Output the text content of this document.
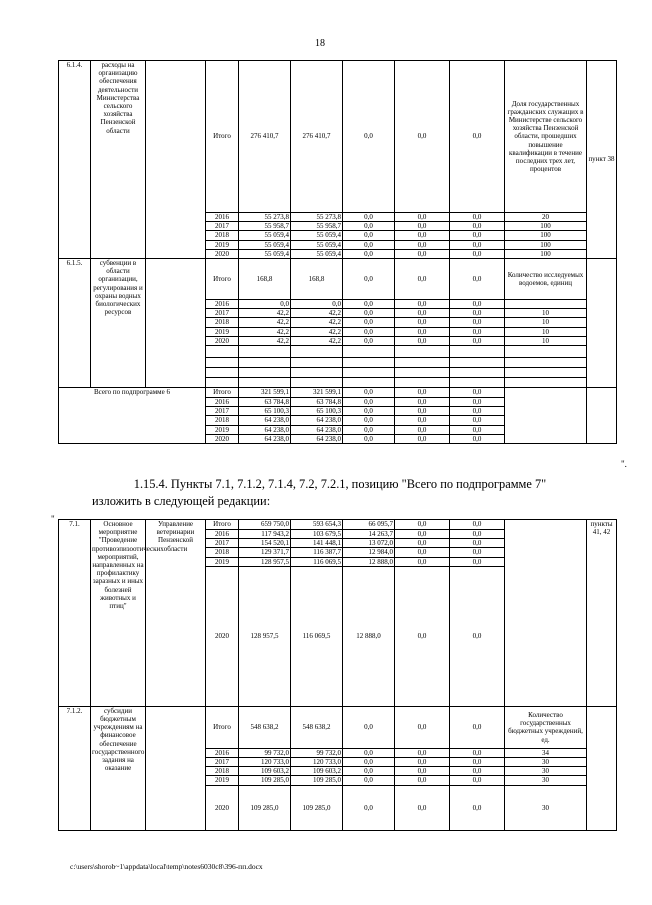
18
6.1.4.	расходы на организацию обеспечения деятельности Министерства сельского хозяйства Пензенской области		Итого	276 410,7	276 410,7	0,0	0,0	0,0	Доля государственных гражданских служащих в Министерстве сельского хозяйства Пензенской области, прошедших повышение квалификации в течение последних трех лет, процентов	пункт 38
			2016	55 273,8	55 273,8	0,0	0,0	0,0	20	
			2017	55 958,7	55 958,7	0,0	0,0	0,0	100	
			2018	55 059,4	55 059,4	0,0	0,0	0,0	100	
			2019	55 059,4	55 059,4	0,0	0,0	0,0	100	
			2020	55 059,4	55 059,4	0,0	0,0	0,0	100	
6.1.5.	субвенции в области организации, регулирования и охраны водных биологических ресурсов		Итого	168,8	168,8	0,0	0,0	0,0	Количество исследуемых водоемов, единиц	
			2016	0,0	0,0	0,0	0,0	0,0		
			2017	42,2	42,2	0,0	0,0	0,0	10	
			2018	42,2	42,2	0,0	0,0	0,0	10	
			2019	42,2	42,2	0,0	0,0	0,0	10	
			2020	42,2	42,2	0,0	0,0	0,0	10	

Всего по подпрограмме 6			Итого	321 599,1	321 599,1	0,0	0,0	0,0		
			2016	63 784,8	63 784,8	0,0	0,0	0,0		
			2017	65 100,3	65 100,3	0,0	0,0	0,0		
			2018	64 238,0	64 238,0	0,0	0,0	0,0		
			2019	64 238,0	64 238,0	0,0	0,0	0,0		
			2020	64 238,0	64 238,0	0,0	0,0	0,0		
".
1.15.4. Пункты 7.1, 7.1.2, 7.1.4, 7.2, 7.2.1, позицию "Всего по подпрограмме 7"
изложить в следующей редакции:
" 7.1.	Основное мероприятие "Проведение противоэпизоотических мероприятий, направленных на профилактику заразных и иных болезней животных и птиц"	Управление ветеринарии Пензенской области	Итого	659 750,0	593 654,3	66 095,7	0,0	0,0		пункты 41, 42
			2016	117 943,2	103 679,5	14 263,7	0,0	0,0		
			2017	154 520,1	141 448,1	13 072,0	0,0	0,0		
			2018	129 371,7	116 387,7	12 984,0	0,0	0,0		
			2019	128 957,5	116 069,5	12 888,0	0,0	0,0		
			2020	128 957,5	116 069,5	12 888,0	0,0	0,0		
7.1.2.	субсидии бюджетным учреждениям на финансовое обеспечение государственного задания на оказание		Итого	548 638,2	548 638,2	0,0	0,0	0,0	Количество государственных бюджетных учреждений, ед.	
			2016	99 732,0	99 732,0	0,0	0,0	0,0	34	
			2017	120 733,0	120 733,0	0,0	0,0	0,0	30	
			2018	109 603,2	109 603,2	0,0	0,0	0,0	30	
			2019	109 285,0	109 285,0	0,0	0,0	0,0	30	
			2020	109 285,0	109 285,0	0,0	0,0	0,0	30	
c:\users\shorob~1\appdata\local\temp\notes6030c8\396-пп.docx
